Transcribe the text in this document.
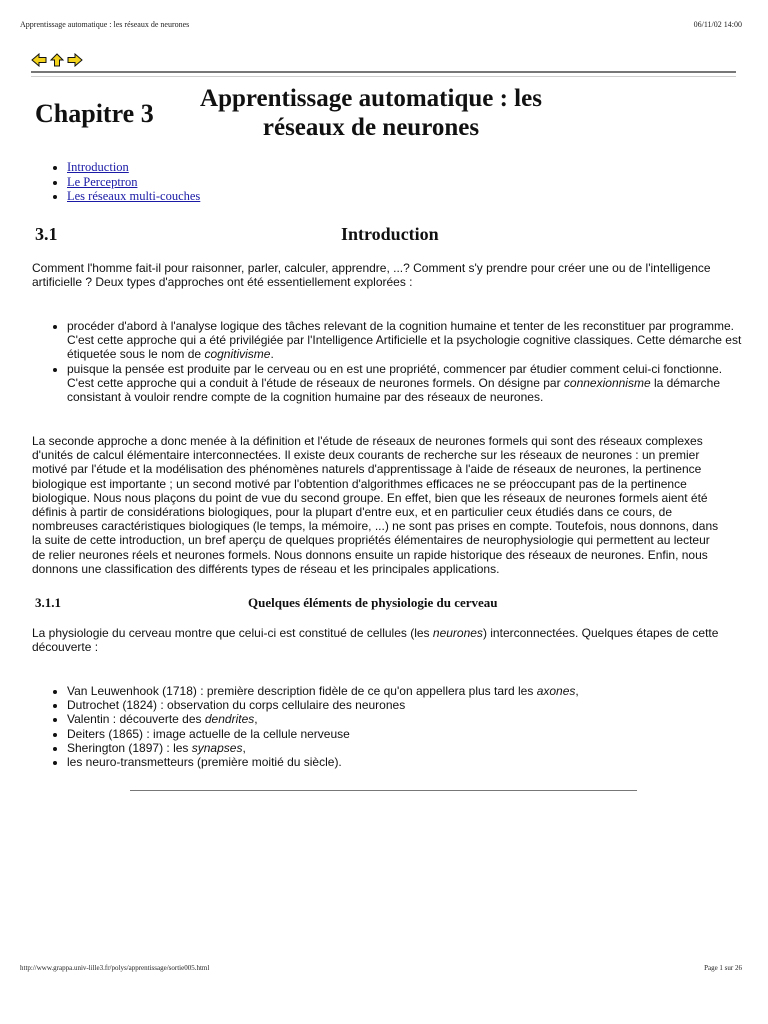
Apprentissage automatique : les réseaux de neurones	06/11/02 14:00
Chapitre 3
Apprentissage automatique : les réseaux de neurones
• Introduction
• Le Perceptron
• Les réseaux multi-couches
3.1	Introduction

Comment l'homme fait-il pour raisonner, parler, calculer, apprendre, ...? Comment s'y prendre pour créer une ou de l'intelligence artificielle ? Deux types d'approches ont été essentiellement explorées :

• procéder d'abord à l'analyse logique des tâches relevant de la cognition humaine et tenter de les reconstituer par programme. C'est cette approche qui a été privilégiée par l'Intelligence Artificielle et la psychologie cognitive classiques. Cette démarche est étiquetée sous le nom de cognitivisme.
• puisque la pensée est produite par le cerveau ou en est une propriété, commencer par étudier comment celui-ci fonctionne. C'est cette approche qui a conduit à l'étude de réseaux de neurones formels. On désigne par connexionnisme la démarche consistant à vouloir rendre compte de la cognition humaine par des réseaux de neurones.

La seconde approche a donc menée à la définition et l'étude de réseaux de neurones formels qui sont des réseaux complexes d'unités de calcul élémentaire interconnectées. Il existe deux courants de recherche sur les réseaux de neurones : un premier motivé par l'étude et la modélisation des phénomènes naturels d'apprentissage à l'aide de réseaux de neurones, la pertinence biologique est importante ; un second motivé par l'obtention d'algorithmes efficaces ne se préoccupant pas de la pertinence biologique. Nous nous plaçons du point de vue du second groupe. En effet, bien que les réseaux de neurones formels aient été définis à partir de considérations biologiques, pour la plupart d'entre eux, et en particulier ceux étudiés dans ce cours, de nombreuses caractéristiques biologiques (le temps, la mémoire, ...) ne sont pas prises en compte. Toutefois, nous donnons, dans la suite de cette introduction, un bref aperçu de quelques propriétés élémentaires de neurophysiologie qui permettent au lecteur de relier neurones réels et neurones formels. Nous donnons ensuite un rapide historique des réseaux de neurones. Enfin, nous donnons une classification des différents types de réseau et les principales applications.

3.1.1	Quelques éléments de physiologie du cerveau

La physiologie du cerveau montre que celui-ci est constitué de cellules (les neurones) interconnectées. Quelques étapes de cette découverte :

• Van Leuwenhook (1718) : première description fidèle de ce qu'on appellera plus tard les axones,
• Dutrochet (1824) : observation du corps cellulaire des neurones
• Valentin : découverte des dendrites,
• Deiters (1865) : image actuelle de la cellule nerveuse
• Sherington (1897) : les synapses,
• les neuro-transmetteurs (première moitié du siècle).
http://www.grappa.univ-lille3.fr/polys/apprentissage/sortie005.html	Page 1 sur 26
